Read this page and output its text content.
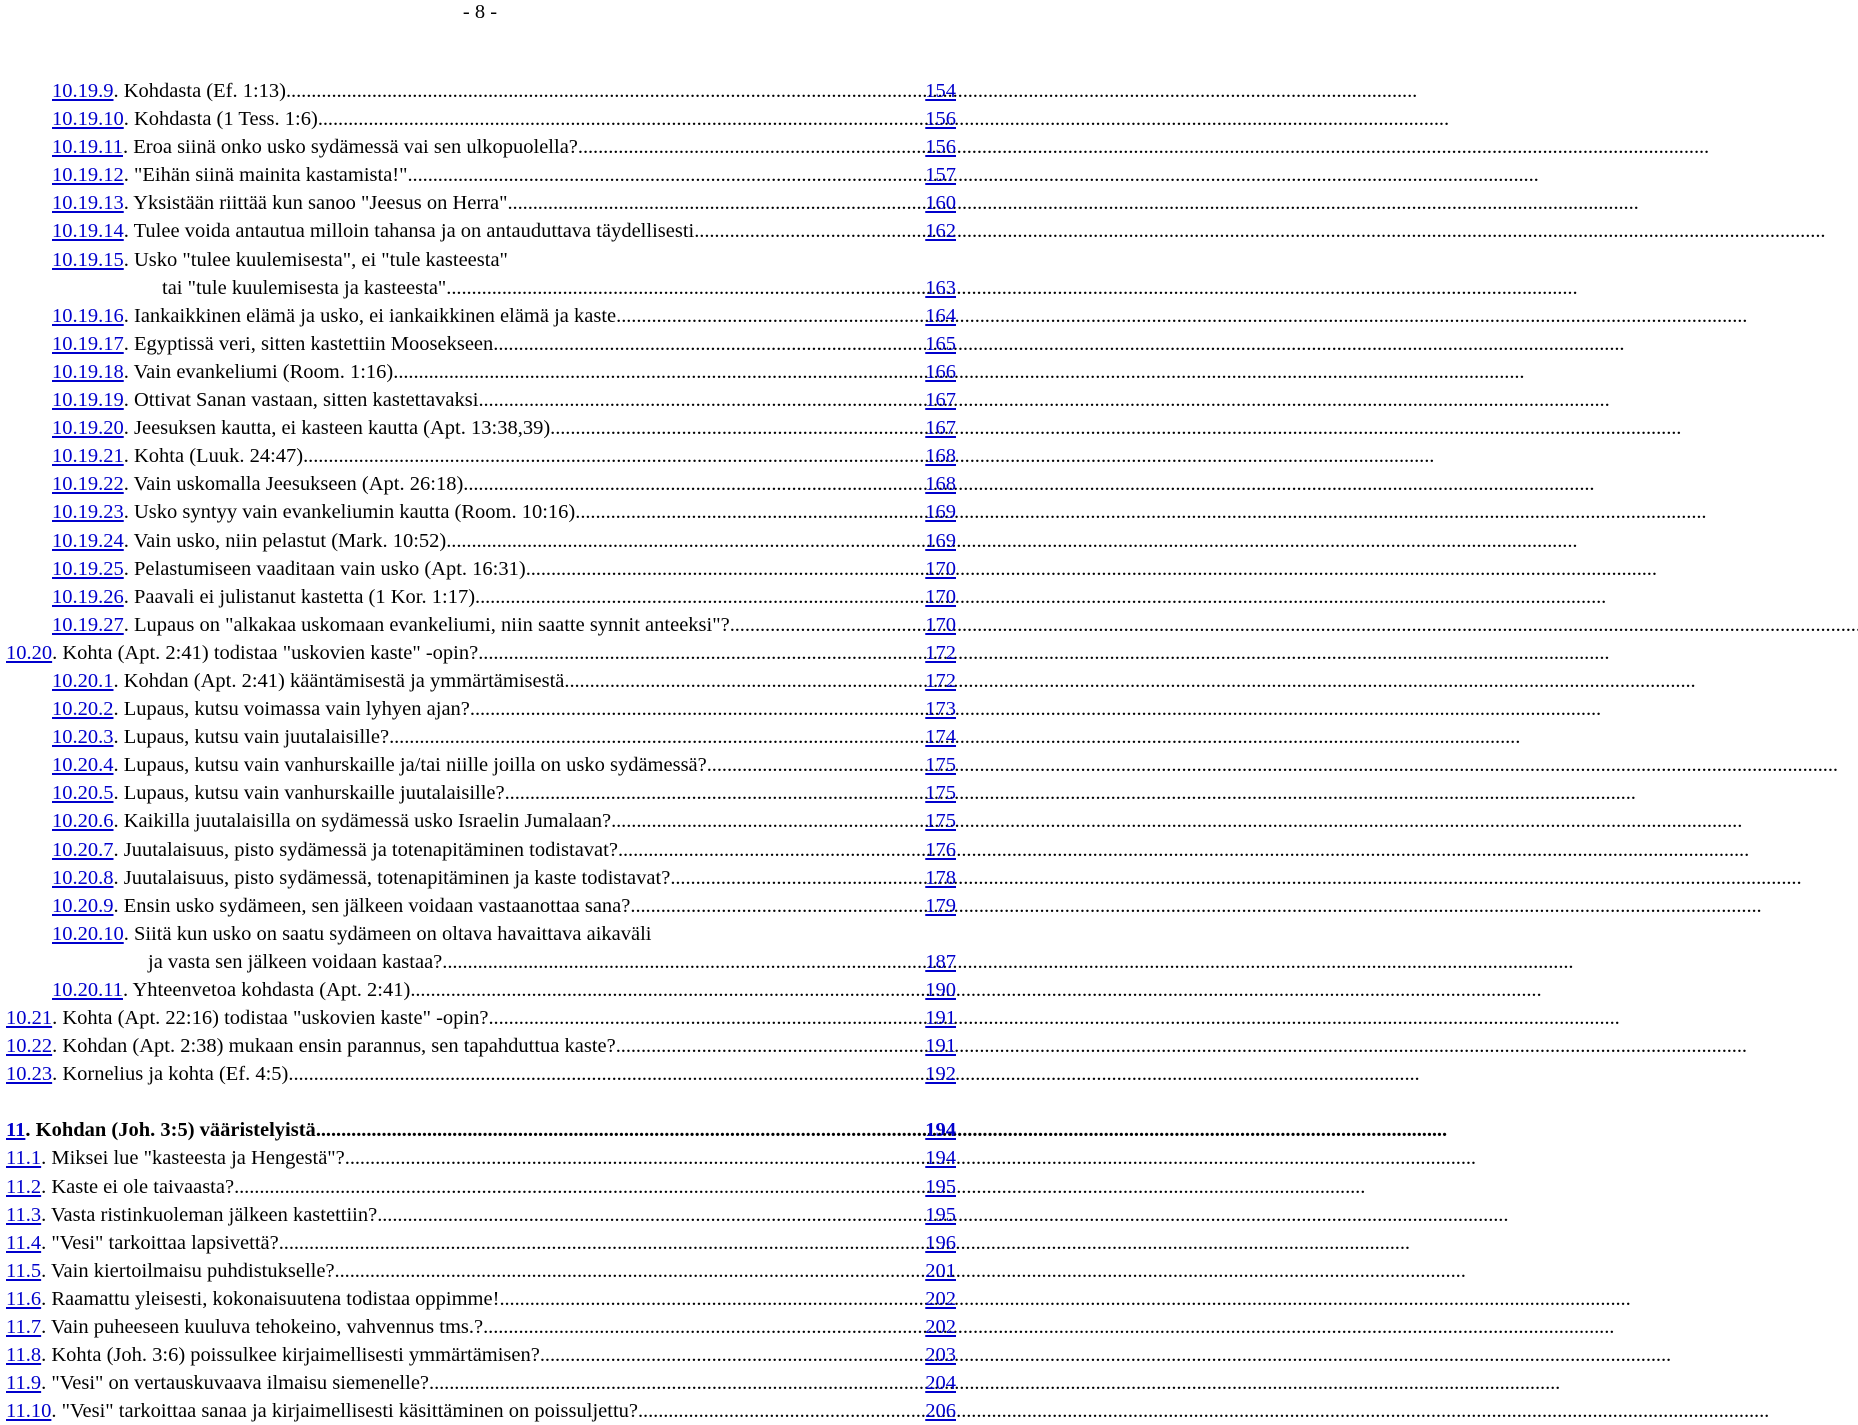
- 8 -
10.19.9 . Kohdasta (Ef. 1:13) . . .	154
10.19.10 . Kohdasta (1 Tess. 1:6) . . .	156
10.19.11 . Eroa siinä onko usko sydämessä vai sen ulkopuolella? . . .	156
10.19.12 . "Eihän siinä mainita kastamista!" . . .	157
10.19.13 . Yksistään riittää kun sanoo "Jeesus on Herra" . . .	160
10.19.14 . Tulee voida antautua milloin tahansa ja on antauduttava täydellisesti . . .	162
10.19.15 . Usko "tulee kuulemisesta", ei "tule kasteesta"
tai "tule kuulemisesta ja kasteesta" . . .	163
10.19.16 . Iankaikkinen elämä ja usko, ei iankaikkinen elämä ja kaste . . .	164
10.19.17 . Egyptissä veri, sitten kastettiin Moosekseen . . .	165
10.19.18 . Vain evankeliumi (Room. 1:16) . . .	166
10.19.19 . Ottivat Sanan vastaan, sitten kastettavaksi . . .	167
10.19.20 . Jeesuksen kautta, ei kasteen kautta (Apt. 13:38,39) . . .	167
10.19.21 . Kohta (Luuk. 24:47) . . .	168
10.19.22 . Vain uskomalla Jeesukseen (Apt. 26:18) . . .	168
10.19.23 . Usko syntyy vain evankeliumin kautta (Room. 10:16) . . .	169
10.19.24 . Vain usko, niin pelastut (Mark. 10:52) . . .	169
10.19.25 . Pelastumiseen vaaditaan vain usko (Apt. 16:31) . . .	170
10.19.26 . Paavali ei julistanut kastetta (1 Kor. 1:17) . . .	170
10.19.27 . Lupaus on "alkakaa uskomaan evankeliumi, niin saatte synnit anteeksi"? . . .	170
10.20 . Kohta (Apt. 2:41) todistaa "uskovien kaste" -opin? . . .	172
10.20.1 . Kohdan (Apt. 2:41) kääntämisestä ja ymmärtämisestä . . .	172
10.20.2 . Lupaus, kutsu voimassa vain lyhyen ajan? . . .	173
10.20.3 . Lupaus, kutsu vain juutalaisille? . . .	174
10.20.4 . Lupaus, kutsu vain vanhurskaille ja/tai niille joilla on usko sydämessä? . . .	175
10.20.5 . Lupaus, kutsu vain vanhurskaille juutalaisille? . . .	175
10.20.6 . Kaikilla juutalaisilla on sydämessä usko Israelin Jumalaan? . . .	175
10.20.7 . Juutalaisuus, pisto sydämessä ja totenapitäminen todistavat? . . .	176
10.20.8 . Juutalaisuus, pisto sydämessä, totenapitäminen ja kaste todistavat? . . .	178
10.20.9 . Ensin usko sydämeen, sen jälkeen voidaan vastaanottaa sana? . . .	179
10.20.10 . Siitä kun usko on saatu sydämeen on oltava havaittava aikaväli
ja vasta sen jälkeen voidaan kastaa? . . .	187
10.20.11 . Yhteenvetoa kohdasta (Apt. 2:41) . . .	190
10.21 . Kohta (Apt. 22:16) todistaa "uskovien kaste" -opin? . . .	191
10.22 . Kohdan (Apt. 2:38) mukaan ensin parannus, sen tapahduttua kaste? . . .	191
10.23 . Kornelius ja kohta (Ef. 4:5) . . .	192
11 . Kohdan (Joh. 3:5) vääristelyistä . . .	194
11.1 . Miksei lue "kasteesta ja Hengestä"? . . .	194
11.2 . Kaste ei ole taivaasta? . . .	195
11.3 . Vasta ristinkuoleman jälkeen kastettiin? . . .	195
11.4 . "Vesi" tarkoittaa lapsivettä? . . .	196
11.5 . Vain kiertoilmaisu puhdistukselle? . . .	201
11.6 . Raamattu yleisesti, kokonaisuutena todistaa oppimme! . . .	202
11.7 . Vain puheeseen kuuluva tehokeino, vahvennus tms.? . . .	202
11.8 . Kohta (Joh. 3:6) poissulkee kirjaimellisesti ymmärtämisen? . . .	203
11.9 . "Vesi" on vertauskuvaava ilmaisu siemenelle? . . .	204
11.10 . "Vesi" tarkoittaa sanaa ja kirjaimellisesti käsittäminen on poissuljettu? . . .	206
